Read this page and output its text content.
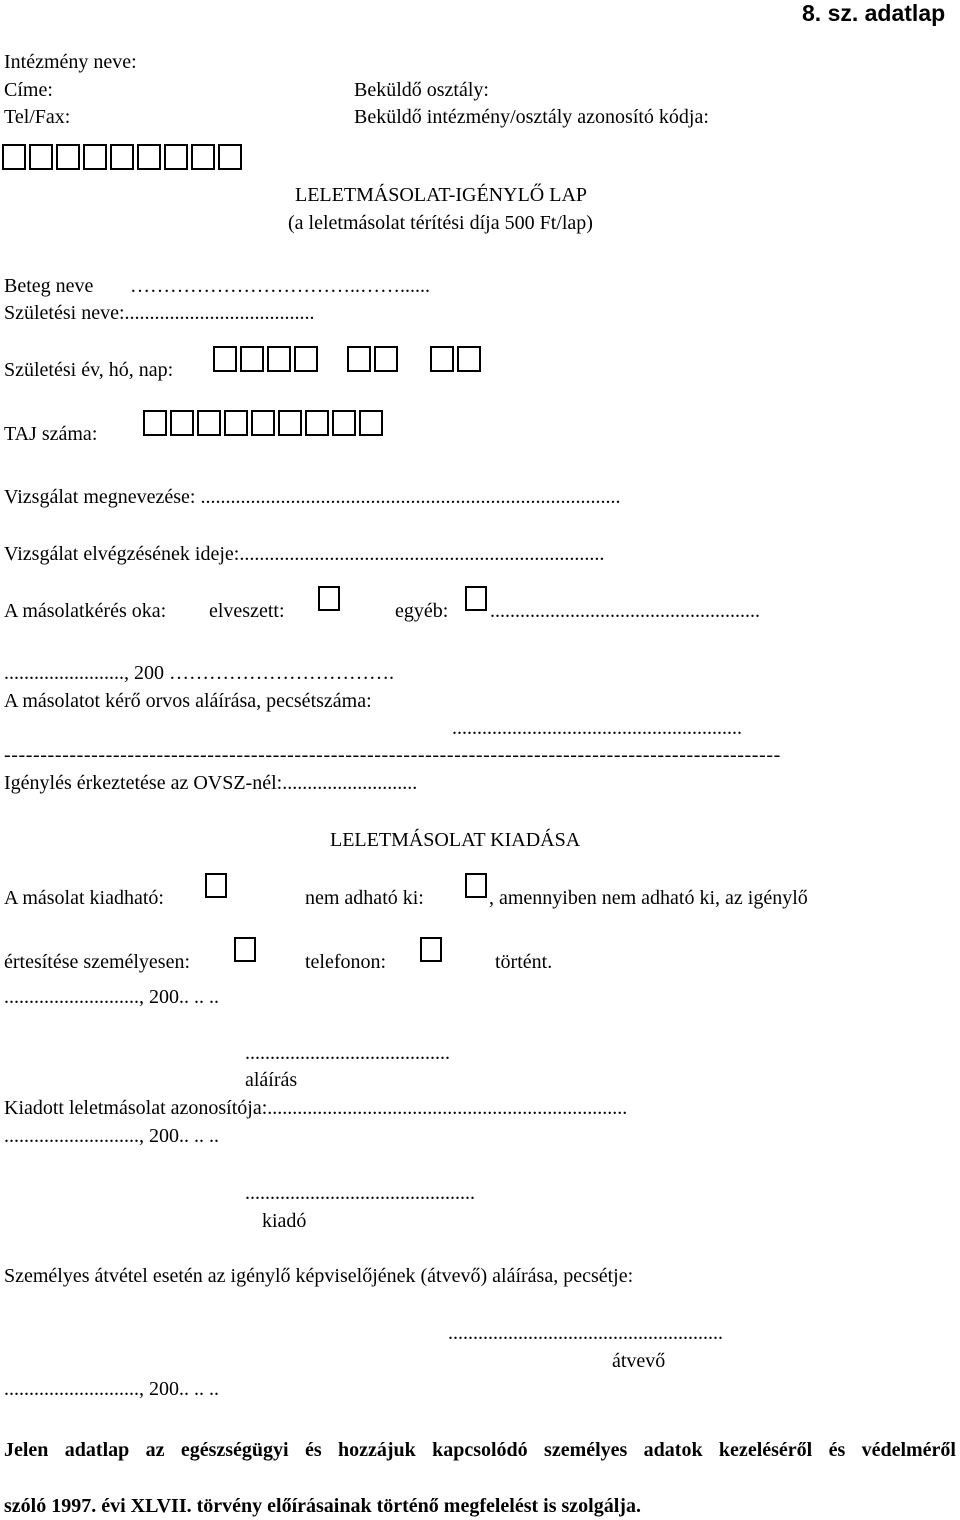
8. sz. adatlap
Intézmény neve:
Címe:
Tel/Fax:
Beküldő osztály:
Beküldő intézmény/osztály azonosító kódja:
LELETMÁSOLAT-IGÉNYLŐ LAP
(a leletmásolat térítési díja 500 Ft/lap)
Beteg neve ……………………………..……......
Születési neve:......................................
Születési év, hó, nap:
TAJ száma:
Vizsgálat megnevezése: ....................................................................................
Vizsgálat elvégzésének ideje:.........................................................................
A másolatkérés oka: elveszett:	egyéb: ......................................................
........................, 200 …………………………….
A másolatot kérő orvos aláírása, pecsétszáma:
..........................................................
-----------------------------------------------------------------------------------------------------------
Igénylés érkeztetése az OVSZ-nél:...........................
LELETMÁSOLAT KIADÁSA
A másolat kiadható:	nem adható ki:	, amennyiben nem adható ki, az igénylő
értesítése személyesen:	telefonon:	történt.
..........................., 200.. .. ..
.........................................
aláírás
Kiadott leletmásolat azonosítója:........................................................................
..........................., 200.. .. ..
..............................................
kiadó
Személyes átvétel esetén az igénylő képviselőjének (átvevő) aláírása, pecsétje:
.......................................................
átvevő
..........................., 200.. .. ..
Jelen adatlap az egészségügyi és hozzájuk kapcsolódó személyes adatok kezeléséről és védelméről
szóló 1997. évi XLVII. törvény előírásainak történő megfelelést is szolgálja.
